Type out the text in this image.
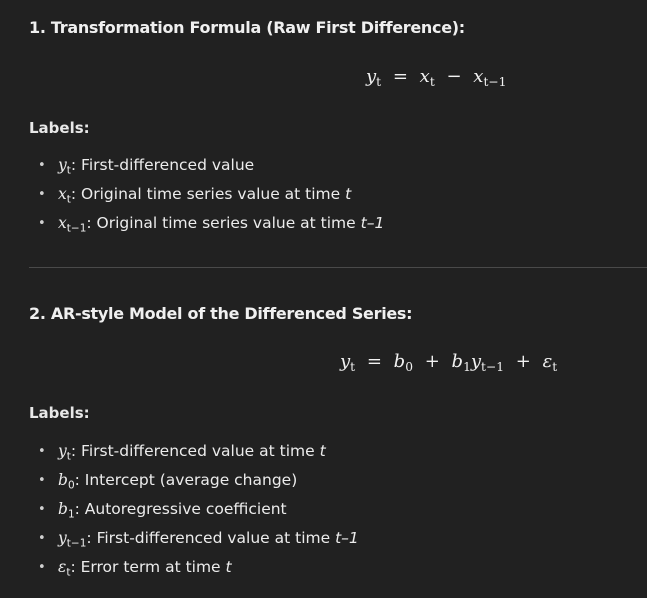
1. Transformation Formula (Raw First Difference):
$y_t = x_t - x_{t-1}$
Labels:
• $y_t$: First-differenced value
• $x_t$: Original time series value at time t
• $x_{t-1}$: Original time series value at time t–1
2. AR-style Model of the Differenced Series:
$y_t = b_0 + b_1y_{t-1} + \varepsilon_t$
Labels:
• $y_t$: First-differenced value at time t
• $b_0$: Intercept (average change)
• $b_1$: Autoregressive coefficient
• $y_{t-1}$: First-differenced value at time t–1
• $\varepsilon_t$: Error term at time t
